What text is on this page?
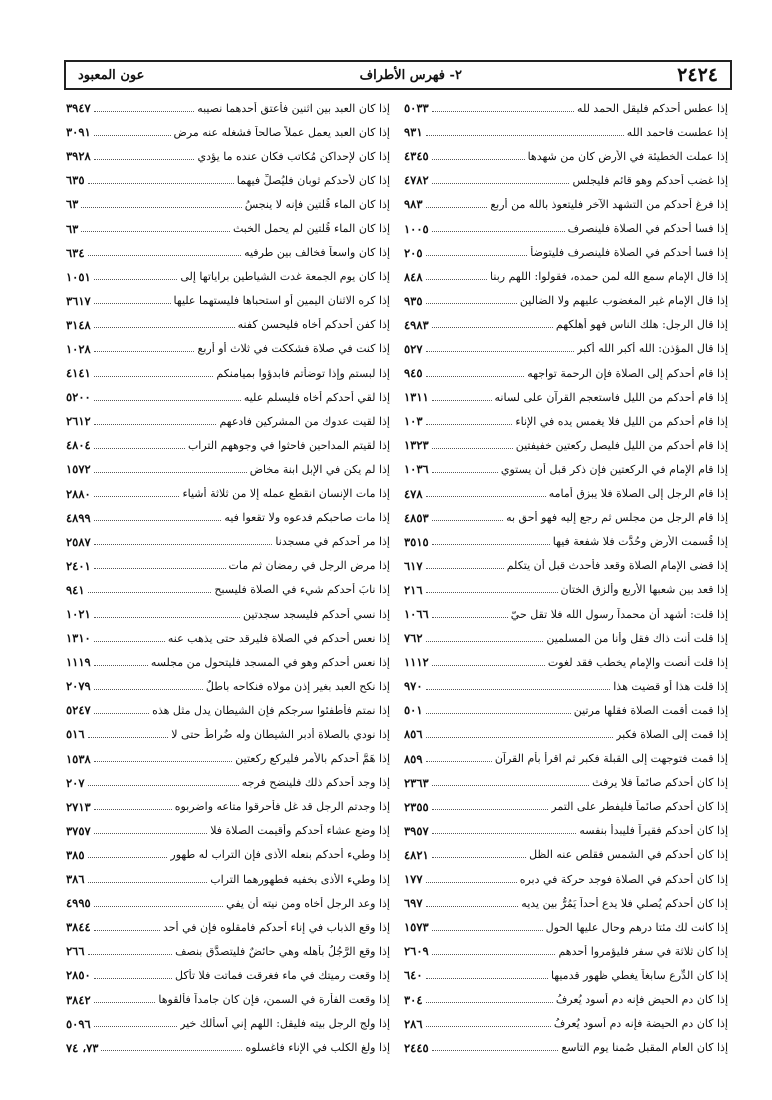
٢٤٢٤
٢- فهرس الأطراف
عون المعبود
إذا عطس أحدكم فليقل الحمد لله
٥٠٣٣
إذا عطست فاحمد الله
٩٣١
إذا عملت الخطيئة في الأرض كان من شهدها
٤٣٤٥
إذا غضب أحدكم وهو قائم فليجلس
٤٧٨٢
إذا فرغ أحدكم من التشهد الآخر فليتعوذ بالله من أربع
٩٨٣
إذا فسا أحدكم في الصلاة فلينصرف
١٠٠٥
إذا فسا أحدكم في الصلاة فلينصرف فليتوضأ
٢٠٥
إذا قال الإمام سمع الله لمن حمده، فقولوا: اللهم ربنا
٨٤٨
إذا قال الإمام غير المغضوب عليهم ولا الضالين
٩٣٥
إذا قال الرجل: هلك الناس فهو أهلكهم
٤٩٨٣
إذا قال المؤذن: الله أكبر الله أكبر
٥٢٧
إذا قام أحدكم إلى الصلاة فإن الرحمة تواجهه
٩٤٥
إذا قام أحدكم من الليل فاستعجم القرآن على لسانه
١٣١١
إذا قام أحدكم من الليل فلا يغمس يده في الإناء
١٠٣
إذا قام أحدكم من الليل فليصل ركعتين خفيفتين
١٣٢٣
إذا قام الإمام في الركعتين فإن ذكر قبل أن يستوي
١٠٣٦
إذا قام الرجل إلى الصلاة فلا يبزق أمامه
٤٧٨
إذا قام الرجل من مجلس ثم رجع إليه فهو أحق به
٤٨٥٣
إذا قُسمت الأرض وحُدَّت فلا شفعة فيها
٣٥١٥
إذا قضى الإمام الصلاة وقعد فأحدث قبل أن يتكلم
٦١٧
إذا قعد بين شعبها الأربع وألزق الختان
٢١٦
إذا قلت: أشهد أن محمداً رسول الله فلا تقل حيّ
١٠٦٦
إذا قلت أنت ذاك فقل وأنا من المسلمين
٧٦٢
إذا قلت أنصت والإمام يخطب فقد لغوت
١١١٢
إذا قلت هذا أو قضيت هذا
٩٧٠
إذا قمت أقمت الصلاة فقلها مرتين
٥٠١
إذا قمت إلى الصلاة فكبر
٨٥٦
إذا قمت فتوجهت إلى القبلة فكبر ثم اقرأ بأم القرآن
٨٥٩
إذا كان أحدكم صائماً فلا يرفث
٢٣٦٣
إذا كان أحدكم صائماً فليفطر على التمر
٢٣٥٥
إذا كان أحدكم فقيراً فليبدأ بنفسه
٣٩٥٧
إذا كان أحدكم في الشمس فقلص عنه الظل
٤٨٢١
إذا كان أحدكم في الصلاة فوجد حركة في دبره
١٧٧
إذا كان أحدكم يُصلي فلا يدع أحداً يَمُرُّ بين يديه
٦٩٧
إذا كانت لك مئتا درهم وحال عليها الحول
١٥٧٣
إذا كان ثلاثة في سفر فليؤمروا أحدهم
٢٦٠٩
إذا كان الدِّرع سابغاً يغطي ظهور قدميها
٦٤٠
إذا كان دم الحيض فإنه دم أسود يُعرفُ
٣٠٤
إذا كان دم الحيضة فإنه دم أسود يُعرفُ
٢٨٦
إذا كان العام المقبل صُمنا يوم التاسع
٢٤٤٥
إذا كان العبد بين اثنين فأعتق أحدهما نصيبه
٣٩٤٧
إذا كان العبد يعمل عملاً صالحاً فشغله عنه مرض
٣٠٩١
إذا كان لإحداكن مُكاتب فكان عنده ما يؤدي
٣٩٢٨
إذا كان لأحدكم ثوبان فليُصلِّ فيهما
٦٣٥
إذا كان الماء قُلتين فإنه لا ينجسُ
٦٣
إذا كان الماء قُلتين لم يحمل الخبث
٦٣
إذا كان واسعاً فخالف بين طرفيه
٦٣٤
إذا كان يوم الجمعة غدت الشياطين براياتها إلى
١٠٥١
إذا كره الاثنان اليمين أو استحباها فليستهما عليها
٣٦١٧
إذا كفن أحدكم أخاه فليحسن كفنه
٣١٤٨
إذا كنت في صلاة فشككت في ثلاث أو أربع
١٠٢٨
إذا لبستم وإذا توضأتم فابدؤوا بميامنكم
٤١٤١
إذا لقي أحدكم أخاه فليسلم عليه
٥٢٠٠
إذا لقيت عدوك من المشركين فادعهم
٢٦١٢
إذا لقيتم المداحين فاحثوا في وجوههم التراب
٤٨٠٤
إذا لم يكن في الإبل ابنة مخاض
١٥٧٢
إذا مات الإنسان انقطع عمله إلا من ثلاثة أشياء
٢٨٨٠
إذا مات صاحبكم فدعوه ولا تقعوا فيه
٤٨٩٩
إذا مر أحدكم في مسجدنا
٢٥٨٧
إذا مرض الرجل في رمضان ثم مات
٢٤٠١
إذا نابَ أحدكم شيء في الصلاة فليسبح
٩٤١
إذا نسي أحدكم فليسجد سجدتين
١٠٢١
إذا نعس أحدكم في الصلاة فليرقد حتى يذهب عنه
١٣١٠
إذا نعس أحدكم وهو في المسجد فليتحول من مجلسه
١١١٩
إذا نكح العبد بغير إذن مولاه فنكاحه باطلٌ
٢٠٧٩
إذا نمتم فأطفئوا سرجكم فإن الشيطان يدل مثل هذه
٥٢٤٧
إذا نودي بالصلاة أدبر الشيطان وله ضُراطٌ حتى لا
٥١٦
إذا هَمَّ أحدكم بالأمر فليركع ركعتين
١٥٣٨
إذا وجد أحدكم ذلك فلينضح فرجه
٢٠٧
إذا وجدتم الرجل قد غل فأحرقوا متاعه واضربوه
٢٧١٣
إذا وضع عشاء أحدكم وأقيمت الصلاة فلا
٣٧٥٧
إذا وطيء أحدكم بنعله الأذى فإن التراب له طهور
٣٨٥
إذا وطيء الأذى بخفيه فطهورهما التراب
٣٨٦
إذا وعد الرجل أخاه ومن نيته أن يفي
٤٩٩٥
إذا وقع الذباب في إناء أحدكم فامقلوه فإن في أحد
٣٨٤٤
إذا وقع الرَّجُلُ بأهله وهي حائضٌ فليتصدَّق بنصف
٢٦٦
إذا وقعت رميتك في ماء فغرقت فماتت فلا تأكل
٢٨٥٠
إذا وقعت الفأرة في السمن، فإن كان جامداً فألقوها
٣٨٤٢
إذا ولج الرجل بيته فليقل: اللهم إني أسألك خير
٥٠٩٦
إذا ولغ الكلب في الإناء فاغسلوه
٧٣، ٧٤
